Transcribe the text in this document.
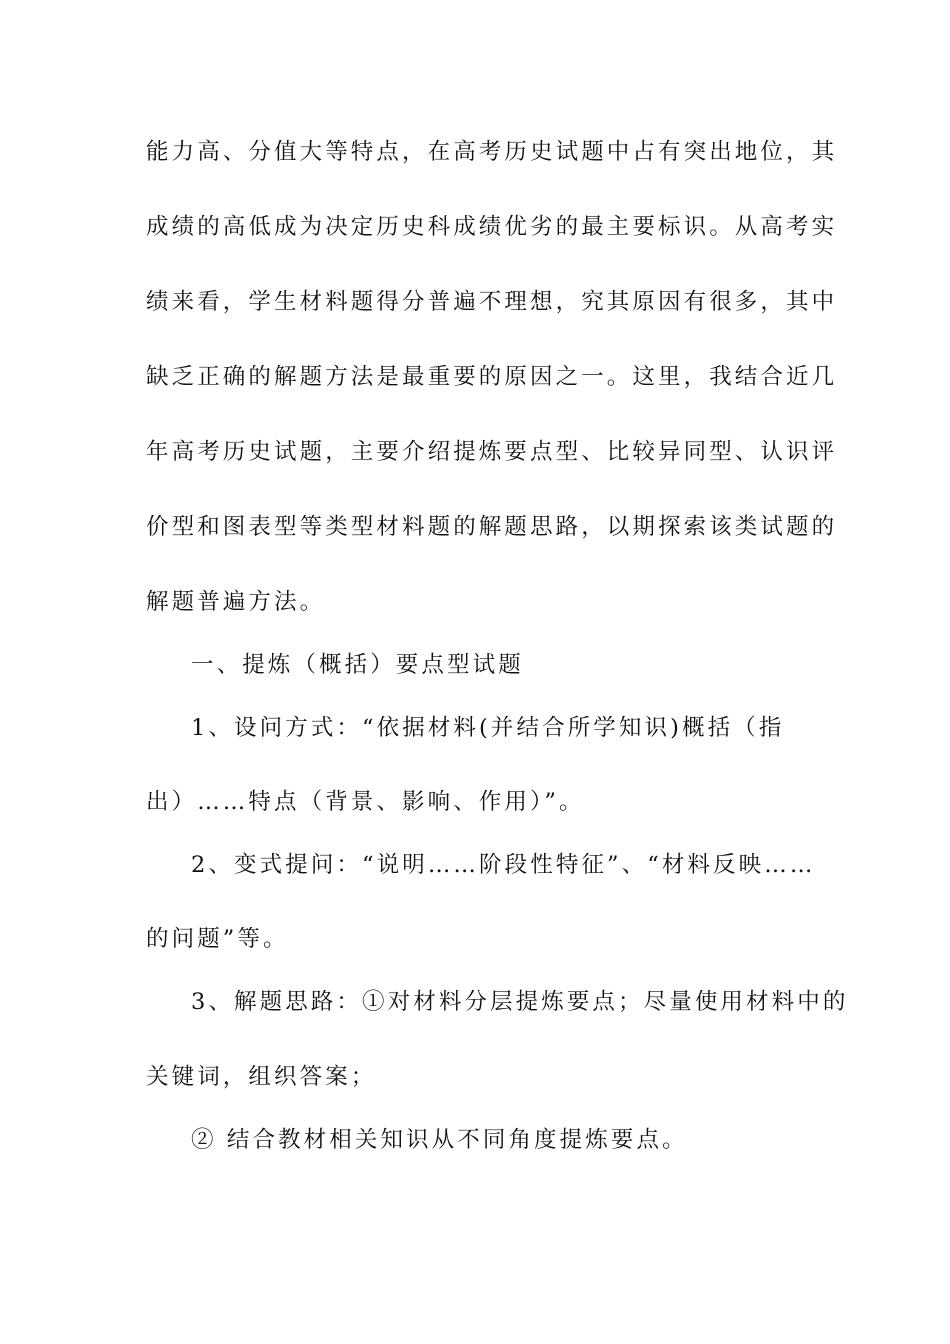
能力高、分值大等特点，在高考历史试题中占有突出地位，其
成绩的高低成为决定历史科成绩优劣的最主要标识。从高考实
绩来看，学生材料题得分普遍不理想，究其原因有很多，其中
缺乏正确的解题方法是最重要的原因之一。这里，我结合近几
年高考历史试题，主要介绍提炼要点型、比较异同型、认识评
价型和图表型等类型材料题的解题思路，以期探索该类试题的
解题普遍方法。
一、提炼（概括）要点型试题
1、设问方式：“依据材料(并结合所学知识)概括（指
出）……特点（背景、影响、作用）”。
2、变式提问：“说明……阶段性特征”、“材料反映……
的问题”等。
3、解题思路：①对材料分层提炼要点；尽量使用材料中的
关键词，组织答案；
② 结合教材相关知识从不同角度提炼要点。
